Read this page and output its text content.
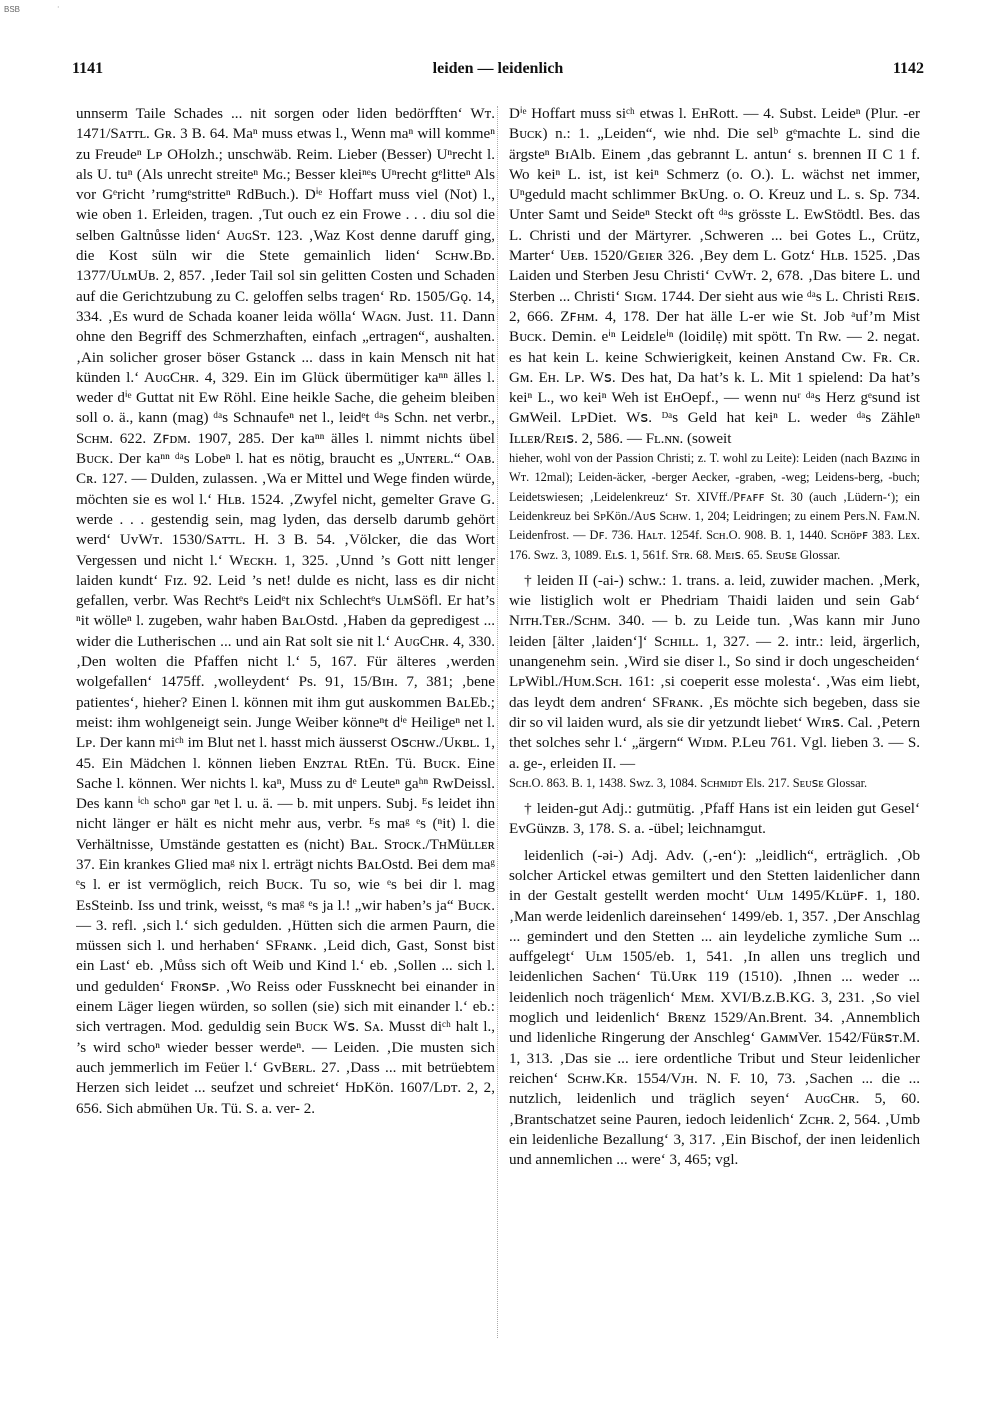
BSB	·
1141	leiden — leidenlich	1142

unnserm Taile Schades ... nit sorgen oder liden bedörfften‘ Wᴛ. 1471/Sᴀᴛᴛʟ. Gʀ. 3 B. 64. Maⁿ muss etwas l., Wenn maⁿ will kommeⁿ zu Freudeⁿ Lᴘ OHolzh.; unschwäb. Reim. Lieber (Besser) Uⁿrecht l. als U. tuⁿ (Als unrecht streiteⁿ Mɢ.; Besser kleiⁿᵉs Uⁿrecht gᵉlitteⁿ Als vor Gᵉricht ’rumgᵉstritteⁿ RdBuch.). Dⁱᵉ Hoffart muss viel (Not) l., wie oben 1. Erleiden, tragen. ‚Tut ouch ez ein Frowe . . . diu sol die selben Galtnůsse liden‘ AᴜɢSᴛ. 123. ‚Waz Kost denne daruff ging, die Kost süln wir die Stete gemainlich liden‘ Sᴄʜᴡ.Bᴅ. 1377/UʟᴍUʙ. 2, 857. ‚Ieder Tail sol sin gelitten Costen und Schaden auf die Gerichtzubung zu C. geloffen selbs tragen‘ Rᴅ. 1505/Gǫ. 14, 334. ‚Es wurd de Schada koaner leida wölla‘ Wᴀɢɴ. Just. 11. Dann ohne den Begriff des Schmerzhaften, einfach „ertragen“, aushalten. ‚Ain solicher groser böser Gstanck ... dass in kain Mensch nit hat künden l.‘ AᴜɢCʜʀ. 4, 329. Ein im Glück übermütiger kaⁿⁿ älles l. weder dⁱᵉ Guttat nit Ew Röhl. Eine heikle Sache, die geheim bleiben soll o. ä., kann (mag) ᵈᵃs Schnaufeⁿ net l., leidᵉt ᵈᵃs Schn. net verbr., Sᴄʜᴍ. 622. Zꜰᴅᴍ. 1907, 285. Der kaⁿⁿ älles l. nimmt nichts übel Bᴜᴄᴋ. Der kaⁿⁿ ᵈᵃs Lobeⁿ l. hat es nötig, braucht es „Uɴᴛᴇʀʟ.“ Oᴀʙ. Cʀ. 127. — Dulden, zulassen. ‚Wa er Mittel und Wege finden würde, möchten sie es wol l.‘ Hʟʙ. 1524. ‚Zwyfel nicht, gemelter Grave G. werde . . . gestendig sein, mag lyden, das derselb darumb gehört werd‘ UᴠWᴛ. 1530/Sᴀᴛᴛʟ. H. 3 B. 54. ‚Völcker, die das Wort Vergessen und nicht l.‘ Wᴇᴄᴋʜ. 1, 325. ‚Unnd ’s Gott nitt lenger laiden kundt‘ Fɪᴢ. 92. Leid ’s net! dulde es nicht, lass es dir nicht gefallen, verbr. Was Rechtᵉs Leidᵉt nix Schlechtᵉs UʟᴍSöfl. Er hat’s ⁿit wölleⁿ l. zugeben, wahr haben BᴀʟOstd. ‚Haben da gepredigest ... wider die Lutherischen ... und ain Rat solt sie nit l.‘ AᴜɢCʜʀ. 4, 330. ‚Den wolten die Pfaffen nicht l.‘ 5, 167. Für älteres ‚werden wolgefallen‘ 1475ff. ‚wolleydent‘ Ps. 91, 15/Bɪʜ. 7, 381; ‚bene patientes‘, hieher? Einen l. können mit ihm gut auskommen BᴀʟEb.; meist: ihm wohlgeneigt sein. Junge Weiber könneⁿt dⁱᵉ Heiligeⁿ net l. Lᴘ. Der kann miᶜʰ im Blut net l. hasst mich äusserst Oꜱᴄʜᴡ./Uᴋʙʟ. 1, 45. Ein Mädchen l. können lieben Eɴᴢᴛᴀʟ RtEn. Tü. Bᴜᴄᴋ. Eine Sache l. können. Wer nichts l. kaⁿ, Muss zu dᵉ Leuteⁿ gaʰⁿ RwDeissl. Des kann ⁱᶜʰ schoⁿ gar ⁿet l. u. ä. — b. mit unpers. Subj. ᴱs leidet ihn nicht länger er hält es nicht mehr aus, verbr. ᴱs maᵍ ᵉs (ⁿit) l. die Verhältnisse, Umstände gestatten es (nicht) Bᴀʟ. Sᴛᴏᴄᴋ./TʜMüʟʟᴇʀ 37. Ein krankes Glied maᵍ nix l. erträgt nichts BᴀʟOstd. Bei dem maᵍ ᵉs l. er ist vermöglich, reich Bᴜᴄᴋ. Tu so, wie ᵉs bei dir l. mag EsSteinb. Iss und trink, weisst, ᵉs maᵍ ᵉs ja l.! „wir haben’s ja“ Bᴜᴄᴋ. — 3. refl. ‚sich l.‘ sich gedulden. ‚Hütten sich die armen Paurn, die müssen sich l. und herhaben‘ SFʀᴀɴᴋ. ‚Leid dich, Gast, Sonst bist ein Last‘ eb. ‚Můss sich oft Weib und Kind l.‘ eb. ‚Sollen ... sich l. und gedulden‘ Fʀᴏɴꜱᴘ. ‚Wo Reiss oder Fussknecht bei einander in einem Läger liegen würden, so sollen (sie) sich mit einander l.‘ eb.: sich vertragen. Mod. geduldig sein Bᴜᴄᴋ Wꜱ. Sᴀ. Musst diᶜʰ halt l., ’s wird schoⁿ wieder besser werdeⁿ. — Leiden. ‚Die musten sich auch jemmerlich im Feüer l.‘ GᴠBᴇʀʟ. 27. ‚Dass ... mit betrüebtem Herzen sich leidet ... seufzet und schreiet‘ HᴅKön. 1607/Lᴅᴛ. 2, 2, 656. Sich abmühen Uʀ. Tü. S. a. ver- 2.

Dⁱᵉ Hoffart muss siᶜʰ etwas l. EʜRott. — 4. Subst. Leideⁿ (Plur. -er Bᴜᴄᴋ) n.: 1. „Leiden“, wie nhd. Die selᵇ gᵉmachte L. sind die ärgsteⁿ BɪAlb. Einem ‚das gebrannt L. antun‘ s. brennen II C 1 f. Wo keiⁿ L. ist, ist keiⁿ Schmerz (o. O.). L. wächst net immer, Uⁿgeduld macht schlimmer BᴋUng. o. O. Kreuz und L. s. Sp. 734. Unter Samt und Seideⁿ Steckt oft ᵈᵃs grösste L. EwStödtl. Bes. das L. Christi und der Märtyrer. ‚Schweren ... bei Gotes L., Crütz, Marter‘ Uᴇʙ. 1520/Gᴇɪᴇʀ 326. ‚Bey dem L. Gotz‘ Hʟʙ. 1525. ‚Das Laiden und Sterben Jesu Christi‘ CᴠWᴛ. 2, 678. ‚Das bitere L. und Sterben ... Christi‘ Sɪɢᴍ. 1744. Der sieht aus wie ᵈᵃs L. Christi Rᴇɪꜱ. 2, 666. Zꜰʜᴍ. 4, 178. Der hat älle L-er wie St. Job ᵃuf’m Mist Bᴜᴄᴋ. Demin. eⁱⁿ Leidᴇleⁱⁿ (loidilẹ) mit spött. Tn Rw. — 2. negat. es hat kein L. keine Schwierigkeit, keinen Anstand Cᴡ. Fʀ. Cʀ. Gᴍ. Eʜ. Lᴘ. Wꜱ. Des hat, Da hat’s k. L. Mit 1 spielend: Da hat’s keiⁿ L., wo keiⁿ Weh ist EʜOepf., — wenn nuʳ ᵈᵃs Herz gᵉsund ist GᴍWeil. LᴘDiet. Wꜱ. ᴰᵃs Geld hat keiⁿ L. weder ᵈᵃs Zähleⁿ Iʟʟᴇʀ/Rᴇɪꜱ. 2, 586. — Fʟ.ɴɴ. (soweit

hieher, wohl von der Passion Christi; z. T. wohl zu Leite): Leiden (nach Bᴀᴢɪɴɢ in Wᴛ. 12mal); Leiden-äcker, -berger Aecker, -graben, -weg; Leidens-berg, -buch; Leidetswiesen; ‚Leidelenkreuz‘ Sᴛ. XIVff./Pꜰᴀꜰꜰ St. 30 (auch ‚Lüdern-‘); ein Leidenkreuz bei SᴘKön./Aᴜꜱ Sᴄʜᴡ. 1, 204; Leidringen; zu einem Pers.N. Fᴀᴍ.N. Leidenfrost. — Dꜰ. 736. Hᴀʟᴛ. 1254f. Sᴄʜ.O. 908. B. 1, 1440. Sᴄʜöᴘꜰ 383. Lᴇx. 176. Sᴡᴢ. 3, 1089. Eʟꜱ. 1, 561f. Sᴛʀ. 68. Mᴇɪꜱ. 65. Sᴇᴜꜱᴇ Glossar.

† leiden II (-ai-) schw.: 1. trans. a. leid, zuwider machen. ‚Merk, wie listiglich wolt er Phedriam Thaidi laiden und sein Gab‘ Nɪᴛʜ.Tᴇʀ./Sᴄʜᴍ. 340. — b. zu Leide tun. ‚Was kann mir Juno leiden [älter ‚laiden‘]‘ Sᴄʜɪʟʟ. 1, 327. — 2. intr.: leid, ärgerlich, unangenehm sein. ‚Wird sie diser l., So sind ir doch ungescheiden‘ LᴘWibl./Hᴜᴍ.Sᴄʜ. 161: ‚si coeperit esse molesta‘. ‚Was eim liebt, das leydt dem andren‘ SFʀᴀɴᴋ. ‚Es möchte sich begeben, dass sie dir so vil laiden wurd, als sie dir yetzundt liebet‘ Wɪʀꜱ. Cal. ‚Petern thet solches sehr l.‘ „ärgern“ Wɪᴅᴍ. P.Leu 761. Vgl. lieben 3. — S. a. ge-, erleiden II. —

Sᴄʜ.O. 863. B. 1, 1438. Sᴡᴢ. 3, 1084. Sᴄʜᴍɪᴅᴛ Els. 217. Sᴇᴜꜱᴇ Glossar.

† leiden-gut Adj.: gutmütig. ‚Pfaff Hans ist ein leiden gut Gesel‘ EᴠGüɴᴢʙ. 3, 178. S. a. -übel; leichnamgut.

leidenlich (-əi-) Adj. Adv. (‚-en‘): „leidlich“, erträglich. ‚Ob solcher Artickel etwas gemiltert und den Stetten laidenlicher dann in der Gestalt gestellt werden mocht‘ Uʟᴍ 1495/Kʟüᴘꜰ. 1, 180. ‚Man werde leidenlich dareinsehen‘ 1499/eb. 1, 357. ‚Der Anschlag ... gemindert und den Stetten ... ain leydeliche zymliche Sum ... auffgelegt‘ Uʟᴍ 1505/eb. 1, 541. ‚In allen uns treglich und leidenlichen Sachen‘ Tü.Uʀᴋ 119 (1510). ‚Ihnen ... weder ... leidenlich noch trägenlich‘ Mᴇᴍ. XVI/B.z.B.KG. 3, 231. ‚So viel moglich und leidenlich‘ Bʀᴇɴᴢ 1529/An.Brent. 34. ‚Annemblich und lidenliche Ringerung der Anschleg‘ GᴀᴍᴍVer. 1542/Füʀꜱᴛ.M. 1, 313. ‚Das sie ... iere ordentliche Tribut und Steur leidenlicher reichen‘ Sᴄʜᴡ.Kʀ. 1554/Vᴊʜ. N. F. 10, 73. ‚Sachen ... die ... nutzlich, leidenlich und träglich seyen‘ AᴜɢCʜʀ. 5, 60. ‚Brantschatzet seine Pauren, iedoch leidenlich‘ Zᴄʜʀ. 2, 564. ‚Umb ein leidenliche Bezallung‘ 3, 317. ‚Ein Bischof, der inen leidenlich und annemlichen ... were‘ 3, 465; vgl.
